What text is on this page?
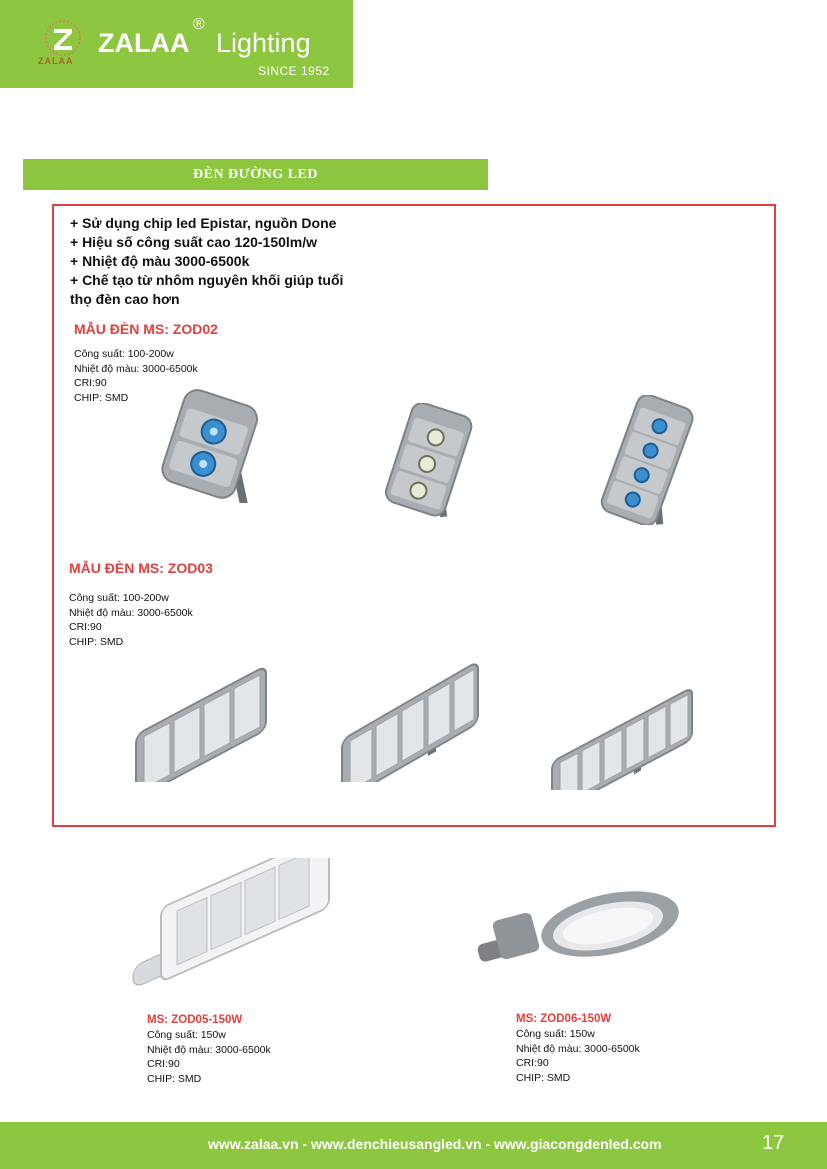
ZALAA
ZALAA
®
Lighting
SINCE 1952
ĐÈN ĐƯỜNG LED
+ Sử dụng chip led Epistar, nguồn Done
+ Hiệu số công suất cao 120-150lm/w
+ Nhiệt độ màu 3000-6500k
+ Chế tạo từ nhôm nguyên khối giúp tuổi
thọ đèn cao hơn
MẪU ĐÈN MS: ZOD02
Công suất: 100-200w
Nhiệt độ màu: 3000-6500k
CRI:90
CHIP: SMD
MẪU ĐÈN MS: ZOD03
Công suất: 100-200w
Nhiệt độ màu: 3000-6500k
CRI:90
CHIP: SMD
MS: ZOD05-150W
Công suất: 150w
Nhiệt độ màu: 3000-6500k
CRI:90
CHIP: SMD
MS: ZOD06-150W
Công suất: 150w
Nhiệt độ màu: 3000-6500k
CRI:90
CHIP: SMD
www.zalaa.vn - www.denchieusangled.vn - www.giacongdenled.com	17
